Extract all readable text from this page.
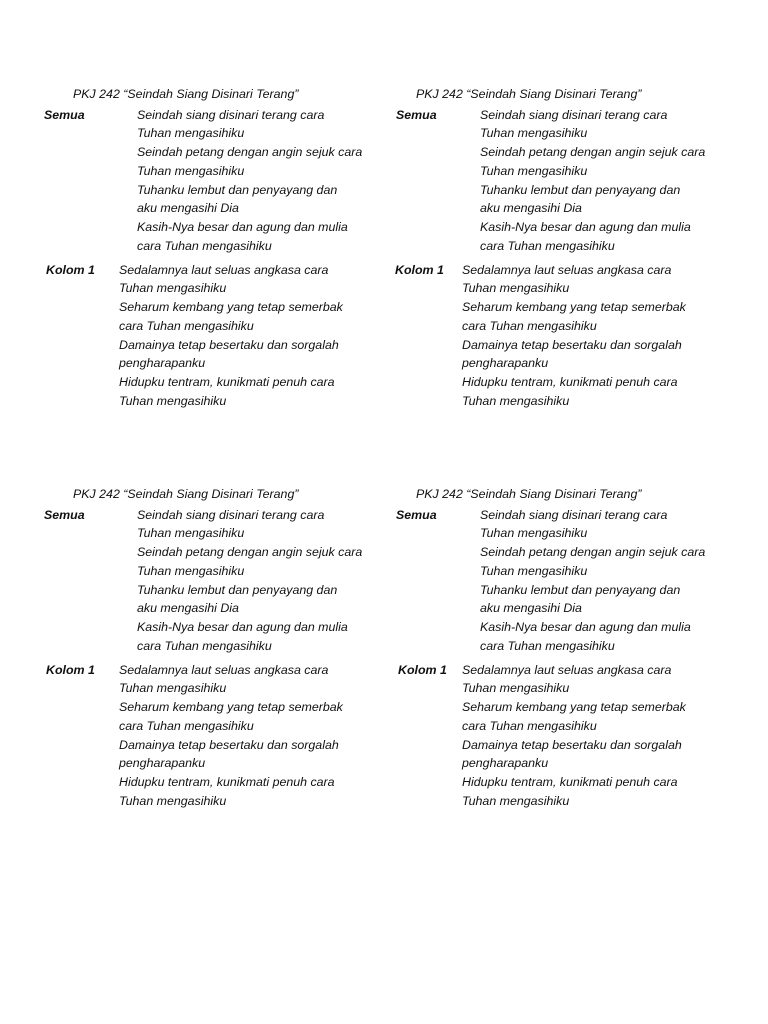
PKJ 242 “Seindah Siang Disinari Terang”
Semua	Seindah siang disinari terang cara
Tuhan mengasihiku
Seindah petang dengan angin sejuk cara
Tuhan mengasihiku
Tuhanku lembut dan penyayang dan
aku mengasihi Dia
Kasih-Nya besar dan agung dan mulia
cara Tuhan mengasihiku
Kolom 1 Sedalamnya laut seluas angkasa cara
Tuhan mengasihiku
Seharum kembang yang tetap semerbak
cara Tuhan mengasihiku
Damainya tetap besertaku dan sorgalah
pengharapanku
Hidupku tentram, kunikmati penuh cara
Tuhan mengasihiku
PKJ 242 “Seindah Siang Disinari Terang”
Semua	Seindah siang disinari terang cara
Tuhan mengasihiku
Seindah petang dengan angin sejuk cara
Tuhan mengasihiku
Tuhanku lembut dan penyayang dan
aku mengasihi Dia
Kasih-Nya besar dan agung dan mulia
cara Tuhan mengasihiku
Kolom 1 Sedalamnya laut seluas angkasa cara
Tuhan mengasihiku
Seharum kembang yang tetap semerbak
cara Tuhan mengasihiku
Damainya tetap besertaku dan sorgalah
pengharapanku
Hidupku tentram, kunikmati penuh cara
Tuhan mengasihiku
PKJ 242 “Seindah Siang Disinari Terang”
Semua	Seindah siang disinari terang cara
Tuhan mengasihiku
Seindah petang dengan angin sejuk cara
Tuhan mengasihiku
Tuhanku lembut dan penyayang dan
aku mengasihi Dia
Kasih-Nya besar dan agung dan mulia
cara Tuhan mengasihiku
Kolom 1 Sedalamnya laut seluas angkasa cara
Tuhan mengasihiku
Seharum kembang yang tetap semerbak
cara Tuhan mengasihiku
Damainya tetap besertaku dan sorgalah
pengharapanku
Hidupku tentram, kunikmati penuh cara
Tuhan mengasihiku
PKJ 242 “Seindah Siang Disinari Terang”
Semua	Seindah siang disinari terang cara
Tuhan mengasihiku
Seindah petang dengan angin sejuk cara
Tuhan mengasihiku
Tuhanku lembut dan penyayang dan
aku mengasihi Dia
Kasih-Nya besar dan agung dan mulia
cara Tuhan mengasihiku
Kolom 1 Sedalamnya laut seluas angkasa cara
Tuhan mengasihiku
Seharum kembang yang tetap semerbak
cara Tuhan mengasihiku
Damainya tetap besertaku dan sorgalah
pengharapanku
Hidupku tentram, kunikmati penuh cara
Tuhan mengasihiku
